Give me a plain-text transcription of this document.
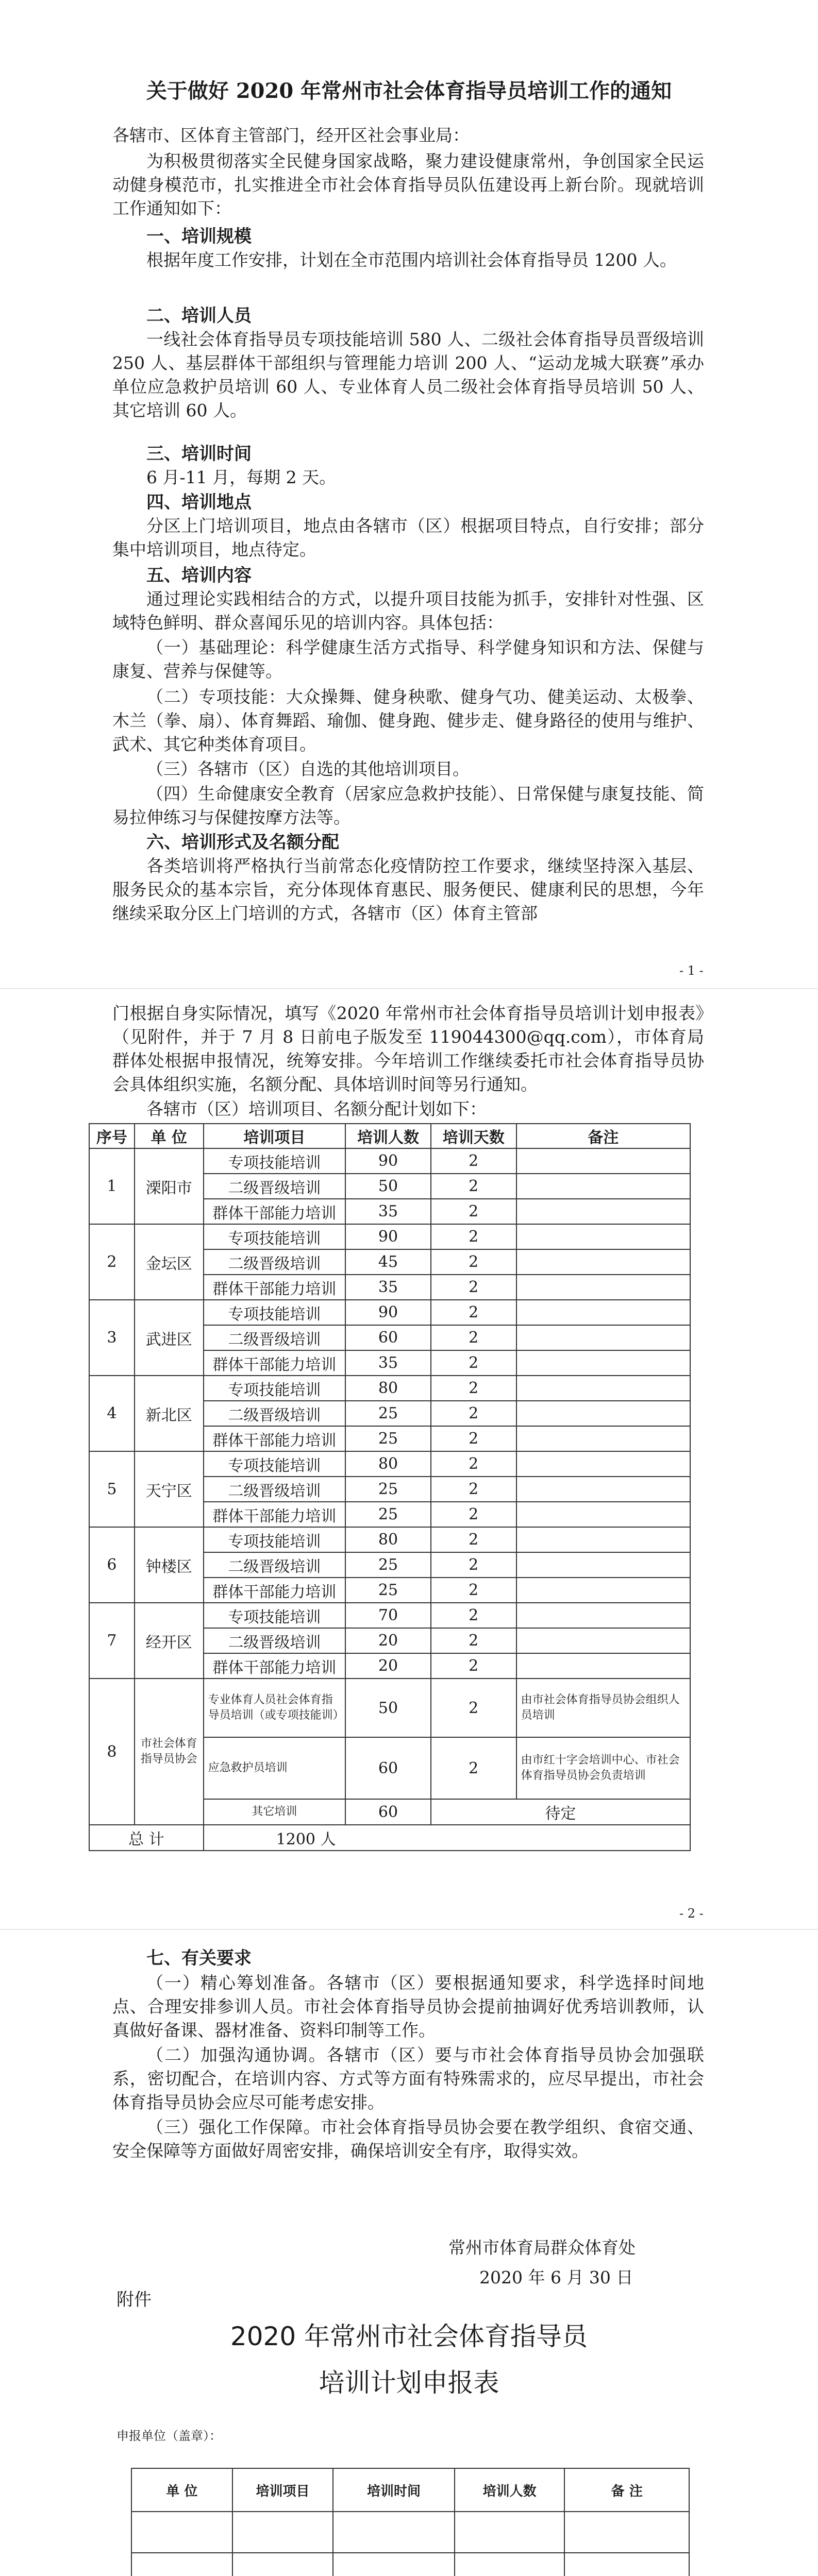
关于做好 2020 年常州市社会体育指导员培训工作的通知
各辖市、区体育主管部门，经开区社会事业局：
为积极贯彻落实全民健身国家战略，聚力建设健康常州，争创国家全民运动健身模范市，扎实推进全市社会体育指导员队伍建设再上新台阶。现就培训工作通知如下：
一、培训规模
根据年度工作安排，计划在全市范围内培训社会体育指导员 1200 人。
二、培训人员
一线社会体育指导员专项技能培训 580 人、二级社会体育指导员晋级培训 250 人、基层群体干部组织与管理能力培训 200 人、“运动龙城大联赛”承办单位应急救护员培训 60 人、专业体育人员二级社会体育指导员培训 50 人、其它培训 60 人。
三、培训时间
6 月-11 月，每期 2 天。
四、培训地点
分区上门培训项目，地点由各辖市（区）根据项目特点，自行安排；部分集中培训项目，地点待定。
五、培训内容
通过理论实践相结合的方式，以提升项目技能为抓手，安排针对性强、区域特色鲜明、群众喜闻乐见的培训内容。具体包括：
（一）基础理论：科学健康生活方式指导、科学健身知识和方法、保健与康复、营养与保健等。
（二）专项技能：大众操舞、健身秧歌、健身气功、健美运动、太极拳、木兰（拳、扇）、体育舞蹈、瑜伽、健身跑、健步走、健身路径的使用与维护、武术、其它种类体育项目。
（三）各辖市（区）自选的其他培训项目。
（四）生命健康安全教育（居家应急救护技能）、日常保健与康复技能、简易拉伸练习与保健按摩方法等。
六、培训形式及名额分配
各类培训将严格执行当前常态化疫情防控工作要求，继续坚持深入基层、服务民众的基本宗旨，充分体现体育惠民、服务便民、健康利民的思想，今年继续采取分区上门培训的方式，各辖市（区）体育主管部
- 1 -
门根据自身实际情况，填写《2020 年常州市社会体育指导员培训计划申报表》（见附件，并于 7 月 8 日前电子版发至 119044300@qq.com），市体育局群体处根据申报情况，统筹安排。今年培训工作继续委托市社会体育指导员协会具体组织实施，名额分配、具体培训时间等另行通知。
各辖市（区）培训项目、名额分配计划如下：
序号	单 位	培训项目	培训人数	培训天数	备注
1	溧阳市	专项技能培训	90	2	
		二级晋级培训	50	2	
		群体干部能力培训	35	2	
2	金坛区	专项技能培训	90	2	
		二级晋级培训	45	2	
		群体干部能力培训	35	2	
3	武进区	专项技能培训	90	2	
		二级晋级培训	60	2	
		群体干部能力培训	35	2	
4	新北区	专项技能培训	80	2	
		二级晋级培训	25	2	
		群体干部能力培训	25	2	
5	天宁区	专项技能培训	80	2	
		二级晋级培训	25	2	
		群体干部能力培训	25	2	
6	钟楼区	专项技能培训	80	2	
		二级晋级培训	25	2	
		群体干部能力培训	25	2	
7	经开区	专项技能培训	70	2	
		二级晋级培训	20	2	
		群体干部能力培训	20	2	
8	市社会体育指导员协会	专业体育人员社会体育指导员培训（或专项技能训）	50	2	由市社会体育指导员协会组织人员培训
		应急救护员培训	60	2	由市红十字会培训中心、市社会体育指导员协会负责培训
		其它培训	60	待定	
总 计		1200 人			
- 2 -
七、有关要求
（一）精心筹划准备。各辖市（区）要根据通知要求，科学选择时间地点、合理安排参训人员。市社会体育指导员协会提前抽调好优秀培训教师，认真做好备课、器材准备、资料印制等工作。
（二）加强沟通协调。各辖市（区）要与市社会体育指导员协会加强联系，密切配合，在培训内容、方式等方面有特殊需求的，应尽早提出，市社会体育指导员协会应尽可能考虑安排。
（三）强化工作保障。市社会体育指导员协会要在教学组织、食宿交通、安全保障等方面做好周密安排，确保培训安全有序，取得实效。
常州市体育局群众体育处
2020 年 6 月 30 日
附件
2020 年常州市社会体育指导员
培训计划申报表
申报单位（盖章）：
单 位	培训项目	培训时间	培训人数	备 注
